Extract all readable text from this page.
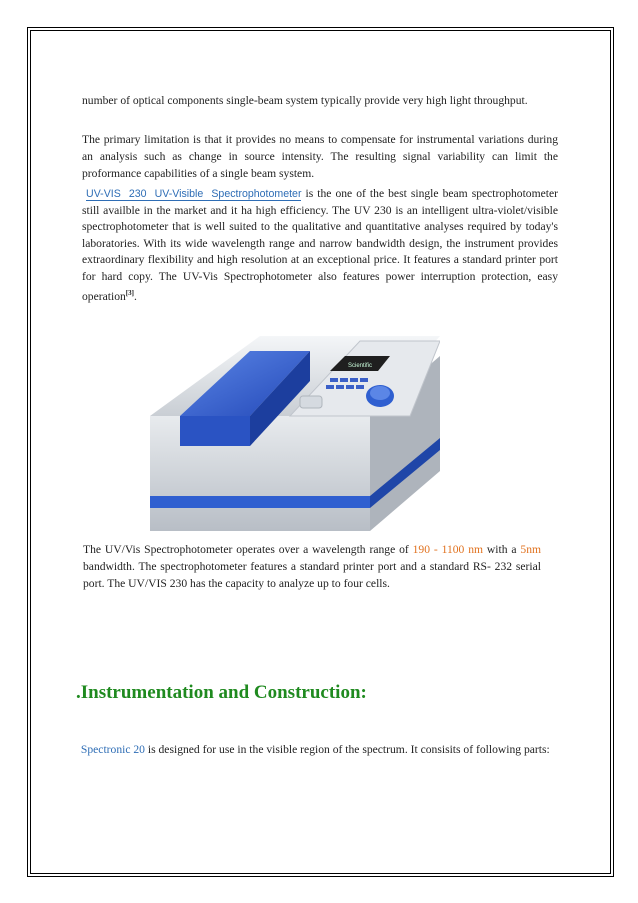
number of optical components single-beam system typically provide very high light throughput.

The primary limitation is that it provides no means to compensate for instrumental variations during an analysis such as change in source intensity. The resulting signal variability can limit the proformance capabilities of a single beam system.

UV-VIS 230 UV-Visible Spectrophotometer is the one of the best single beam spectrophotometer still availble in the market and it ha high efficiency. The UV 230 is an intelligent ultra-violet/visible spectrophotometer that is well suited to the qualitative and quantitative analyses required by today's laboratories. With its wide wavelength range and narrow bandwidth design, the instrument provides extraordinary flexibility and high resolution at an exceptional price. It features a standard printer port for hard copy. The UV-Vis Spectrophotometer also features power interruption protection, easy operation[3].

Scientific

The UV/Vis Spectrophotometer operates over a wavelength range of 190 - 1100 nm with a 5nm bandwidth. The spectrophotometer features a standard printer port and a standard RS- 232 serial port. The UV/VIS 230 has the capacity to analyze up to four cells.

.Instrumentation and Construction:

Spectronic 20 is designed for use in the visible region of the spectrum. It consisits of following parts:
